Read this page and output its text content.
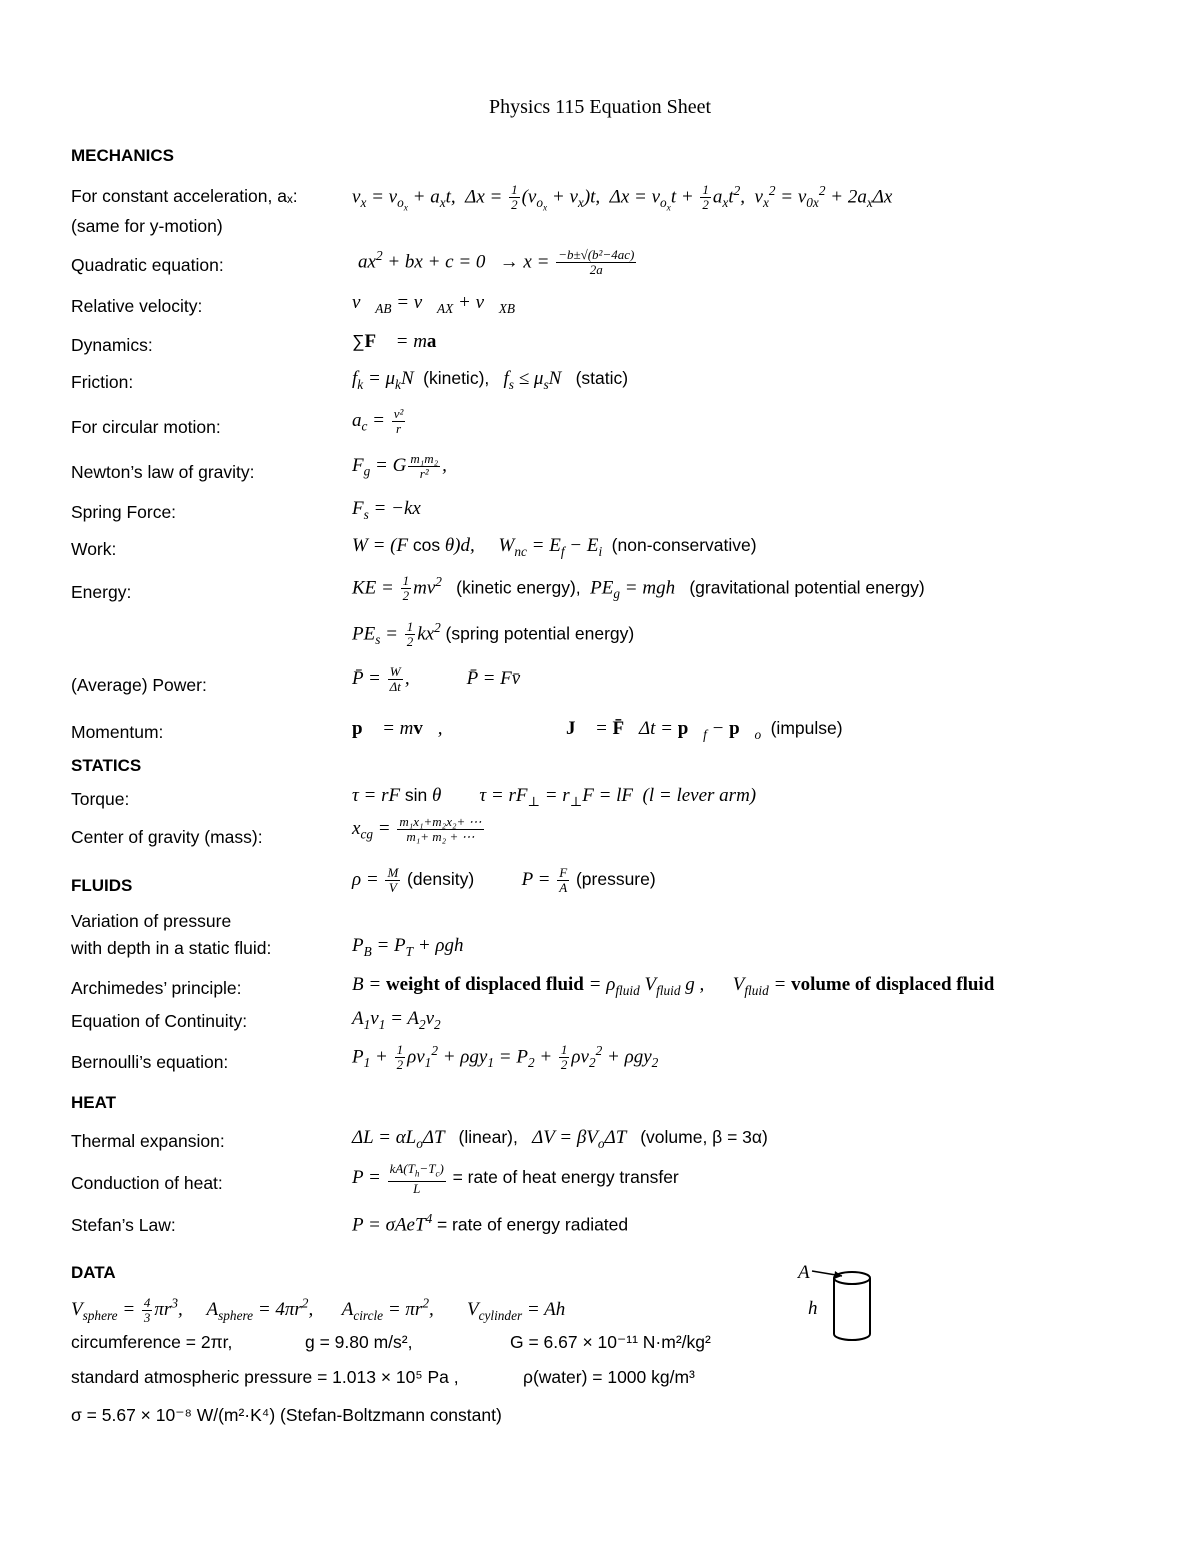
Physics 115 Equation Sheet
MECHANICS
For constant acceleration, aₓ:
(same for y-motion)
$v_x = v_{o_x} + a_xt$,  $\Delta x = \frac{1}{2} (v_{o_x} + v_x)t$,  $\Delta x = v_{o_x}t + \frac{1}{2} a_xt^2$,  $v_x^2 = v_{0x}^2 + 2a_x\Delta x$
Quadratic equation:	$ax^2$ + bx + $c = 0 \to x = \frac{\text{−b±√(b²−4ac)}}{2a}$
Relative velocity:	$v⃗_{AB}$ = $v⃗_{AX}$ + $v⃗_{XB}$
Dynamics:	∑F⃗ = ma⃗
Friction:	$f_k = \mu_kN$  (kinetic),   $f_s \le \mu_sN$   (static)
For circular motion:	$a_c = \frac{\text{v²}}{r}$
Newton’s law of gravity:	$F_g = G \frac{\text{m₁m₂}}{\text{r²}}$ ,
Spring Force:	$F_s = -kx$
Work:	W = (F cos θ)d,     $W_{nc} = E_f - E_i$ (non-conservative)
Energy:	KE = $\frac{1}{2} mv^2$ (kinetic energy),  $PE_g$ = mgh   (gravitational potential energy)
$PE_s = \frac{1}{2} kx^2$ (spring potential energy)
(Average) Power:	P̄ = $\frac{W}{\Delta t}$ ,            P̄ = Fv̄
Momentum:	p⃗ = mv⃗,                          J⃗ = F̄⃗Δt = $p⃗_f$ − $p⃗_o$ (impulse)
STATICS
Torque:	τ = rF sin θ        $\tau = rF_\perp = r_\perp F$ = lF  (l = lever arm)
Center of gravity (mass):	$x_{cg} = \frac{\text{m₁x₁+m₂x₂+ ⋯}}{\text{m₁+ m₂ + ⋯}}$
FLUIDS	$\rho = \frac{M}{V}$ (density)          $P = \frac{F}{A}$ (pressure)
Variation of pressure
with depth in a static fluid:	$P_B = P_T + \rho gh$
Archimedes’ principle:	B = weight of displaced fluid = $\rho_{fluid}$ $V_{fluid}$ g ,      $V_{fluid}$ = volume of displaced fluid
Equation of Continuity:	$A_1v_1 = A_2v_2$
Bernoulli’s equation:	$P_1 + \frac{1}{2} \rho v_1^2 + \rho gy_1 = P_2 + \frac{1}{2} \rho v_2^2 + \rho gy_2$
HEAT
Thermal expansion:	$\Delta L = \alpha L_o\Delta T$   (linear),   $\Delta V = \beta V_o\Delta T$   (volume, β = 3α)
Conduction of heat:	$P = \frac{kA(T_h-T_c)}{L}$ = rate of heat energy transfer
Stefan’s Law:	P = σAeT$^4$ = rate of energy radiated
DATA
$V_{sphere} = \frac{4}{3} \pi r^3$,     $A_{sphere} = 4\pi r^2$,      $A_{circle} = \pi r^2$,       $V_{cylinder} = Ah$
circumference = 2πr,	g = 9.80 m/s²,	G = 6.67 × 10⁻¹¹ N·m²/kg²
standard atmospheric pressure = 1.013 × 10⁵ Pa ,	ρ(water) = 1000 kg/m³
σ = 5.67 × 10⁻⁸ W/(m²·K⁴) (Stefan-Boltzmann constant)
A
h
